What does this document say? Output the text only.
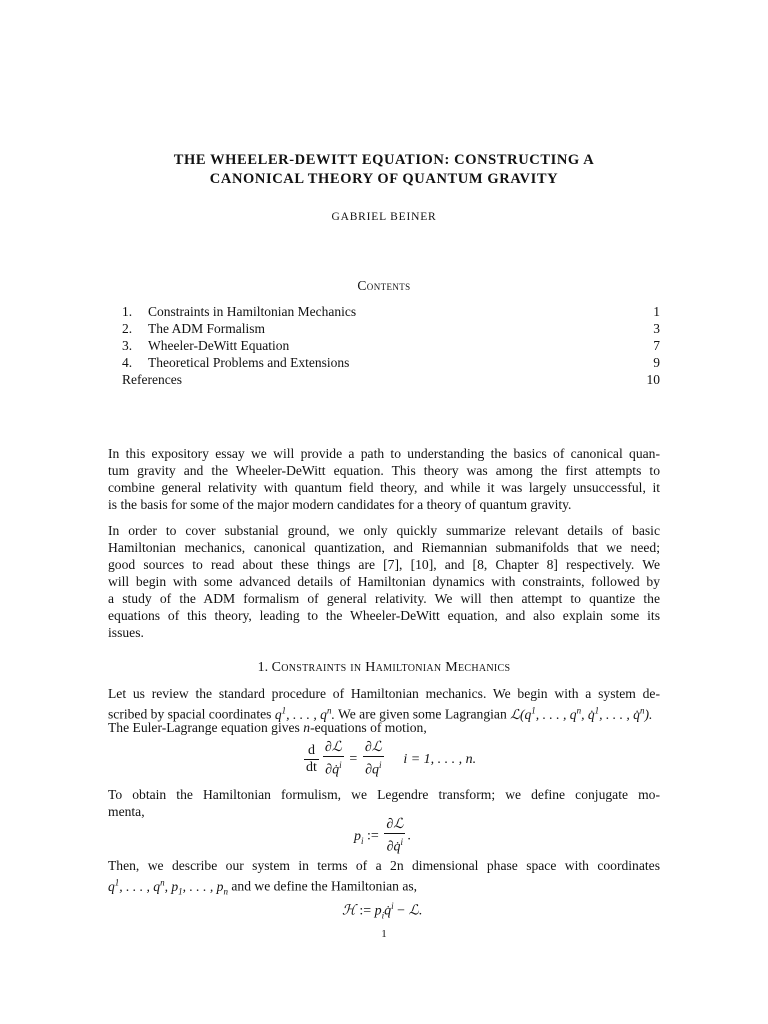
THE WHEELER-DEWITT EQUATION: CONSTRUCTING A
CANONICAL THEORY OF QUANTUM GRAVITY
GABRIEL BEINER
Contents
1. Constraints in Hamiltonian Mechanics	1
2. The ADM Formalism	3
3. Wheeler-DeWitt Equation	7
4. Theoretical Problems and Extensions	9
References	10
In this expository essay we will provide a path to understanding the basics of canonical quan-
tum gravity and the Wheeler-DeWitt equation. This theory was among the first attempts to
combine general relativity with quantum field theory, and while it was largely unsuccessful, it
is the basis for some of the major modern candidates for a theory of quantum gravity.
In order to cover substanial ground, we only quickly summarize relevant details of basic
Hamiltonian mechanics, canonical quantization, and Riemannian submanifolds that we need;
good sources to read about these things are [7], [10], and [8, Chapter 8] respectively. We
will begin with some advanced details of Hamiltonian dynamics with constraints, followed by
a study of the ADM formalism of general relativity. We will then attempt to quantize the
equations of this theory, leading to the Wheeler-DeWitt equation, and also explain some its
issues.
1. Constraints in Hamiltonian Mechanics
Let us review the standard procedure of Hamiltonian mechanics. We begin with a system de-
scribed by spacial coordinates $q^1$, . . . , $q^n$. We are given some Lagrangian $ℒ(q^1$, . . . , $q^n$, q̇$^1$, . . . , q̇$^n$).
The Euler-Lagrange equation gives n-equations of motion,
$\frac{d}{dt} \frac{\text{∂ℒ}}{\partial q̇^i} = \frac{\text{∂ℒ}}{\partial q^i}$ i = 1, . . . , n.
To obtain the Hamiltonian formulism, we Legendre transform; we define conjugate mo-
menta,
$p_i$ := $\frac{\text{∂ℒ}}{\partial q̇^i}$ .
Then, we describe our system in terms of a 2n dimensional phase space with coordinates
$q^1$, . . . , $q^n$, $p_1$, . . . , $p_n$ and we define the Hamiltonian as,
ℋ := $p_iq̇^i$ − ℒ.
1
